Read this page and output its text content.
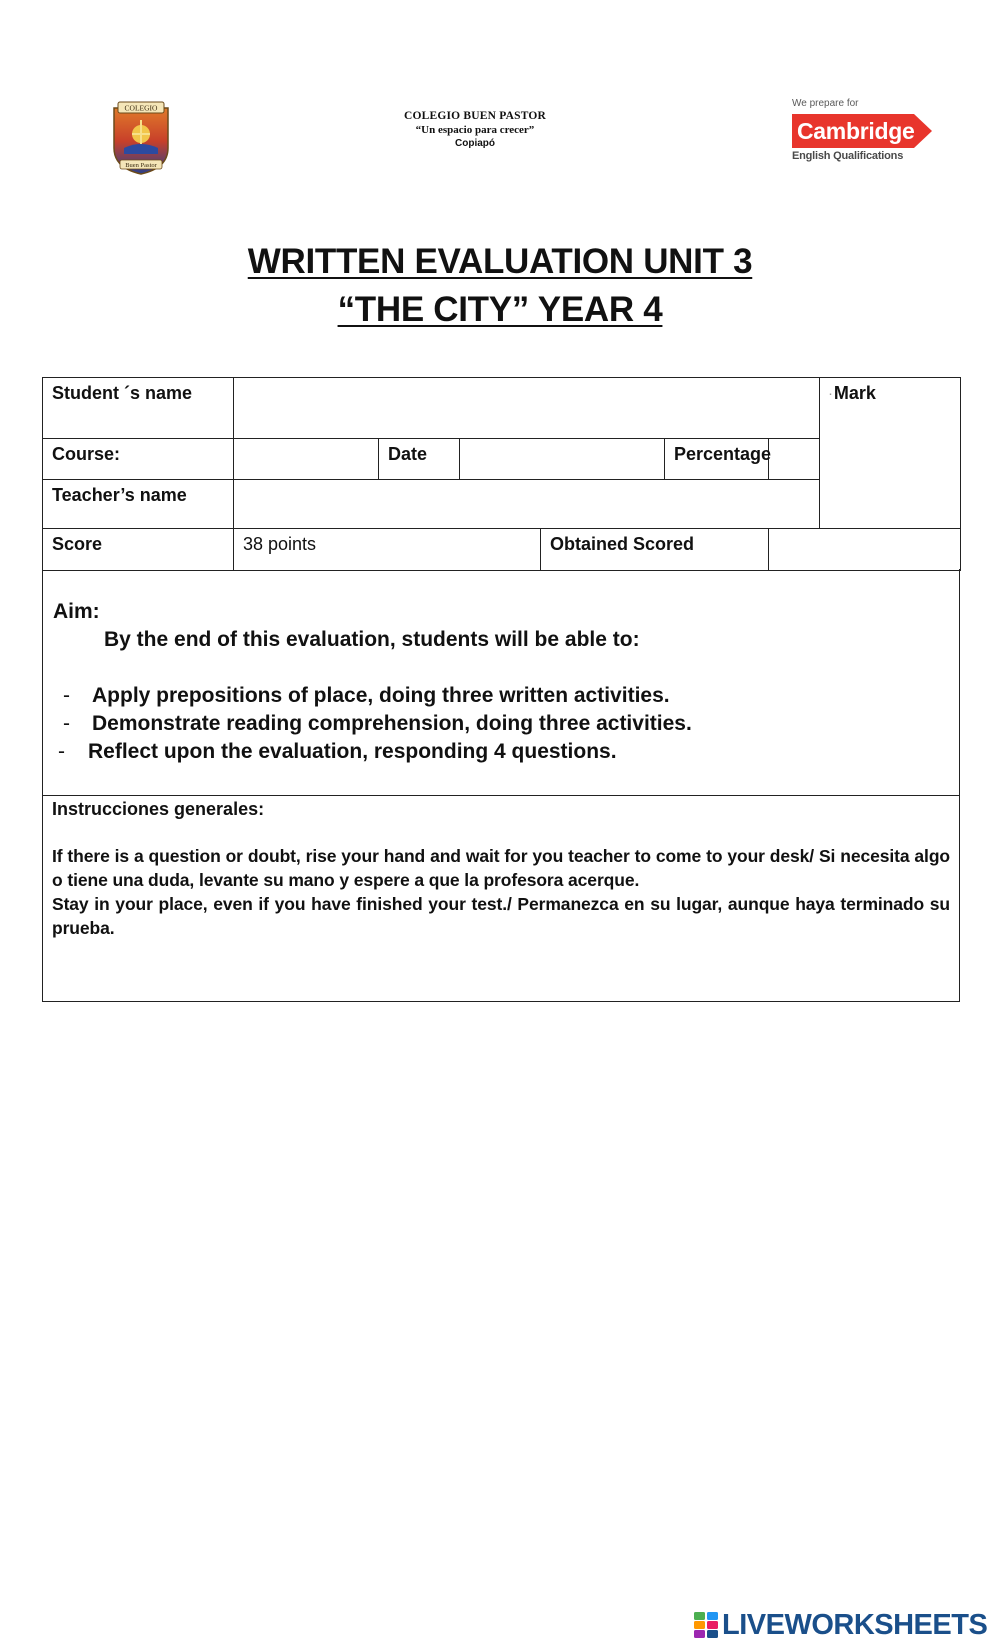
COLEGIO
Buen Pastor
COLEGIO BUEN PASTOR
“Un espacio para crecer”
Copiapó
We prepare for
Cambridge
English Qualifications
WRITTEN EVALUATION UNIT 3
“THE CITY” YEAR 4
Student ´s name							. Mark
Course:		Date			Percentage		
Teacher’s name							
Score	38 points			Obtained Scored			
Aim:
By the end of this evaluation, students will be able to:
- Apply prepositions of place, doing three written activities.
- Demonstrate reading comprehension, doing three activities.
- Reflect upon the evaluation, responding 4 questions.
Instrucciones generales:

If there is a question or doubt, rise your hand and wait for you teacher to come to your desk/ Si necesita algo o tiene una duda, levante su mano y espere a que la profesora acerque.

Stay in your place, even if you have finished your test./ Permanezca en su lugar, aunque haya terminado su prueba.

LIVEWORKSHEETS
